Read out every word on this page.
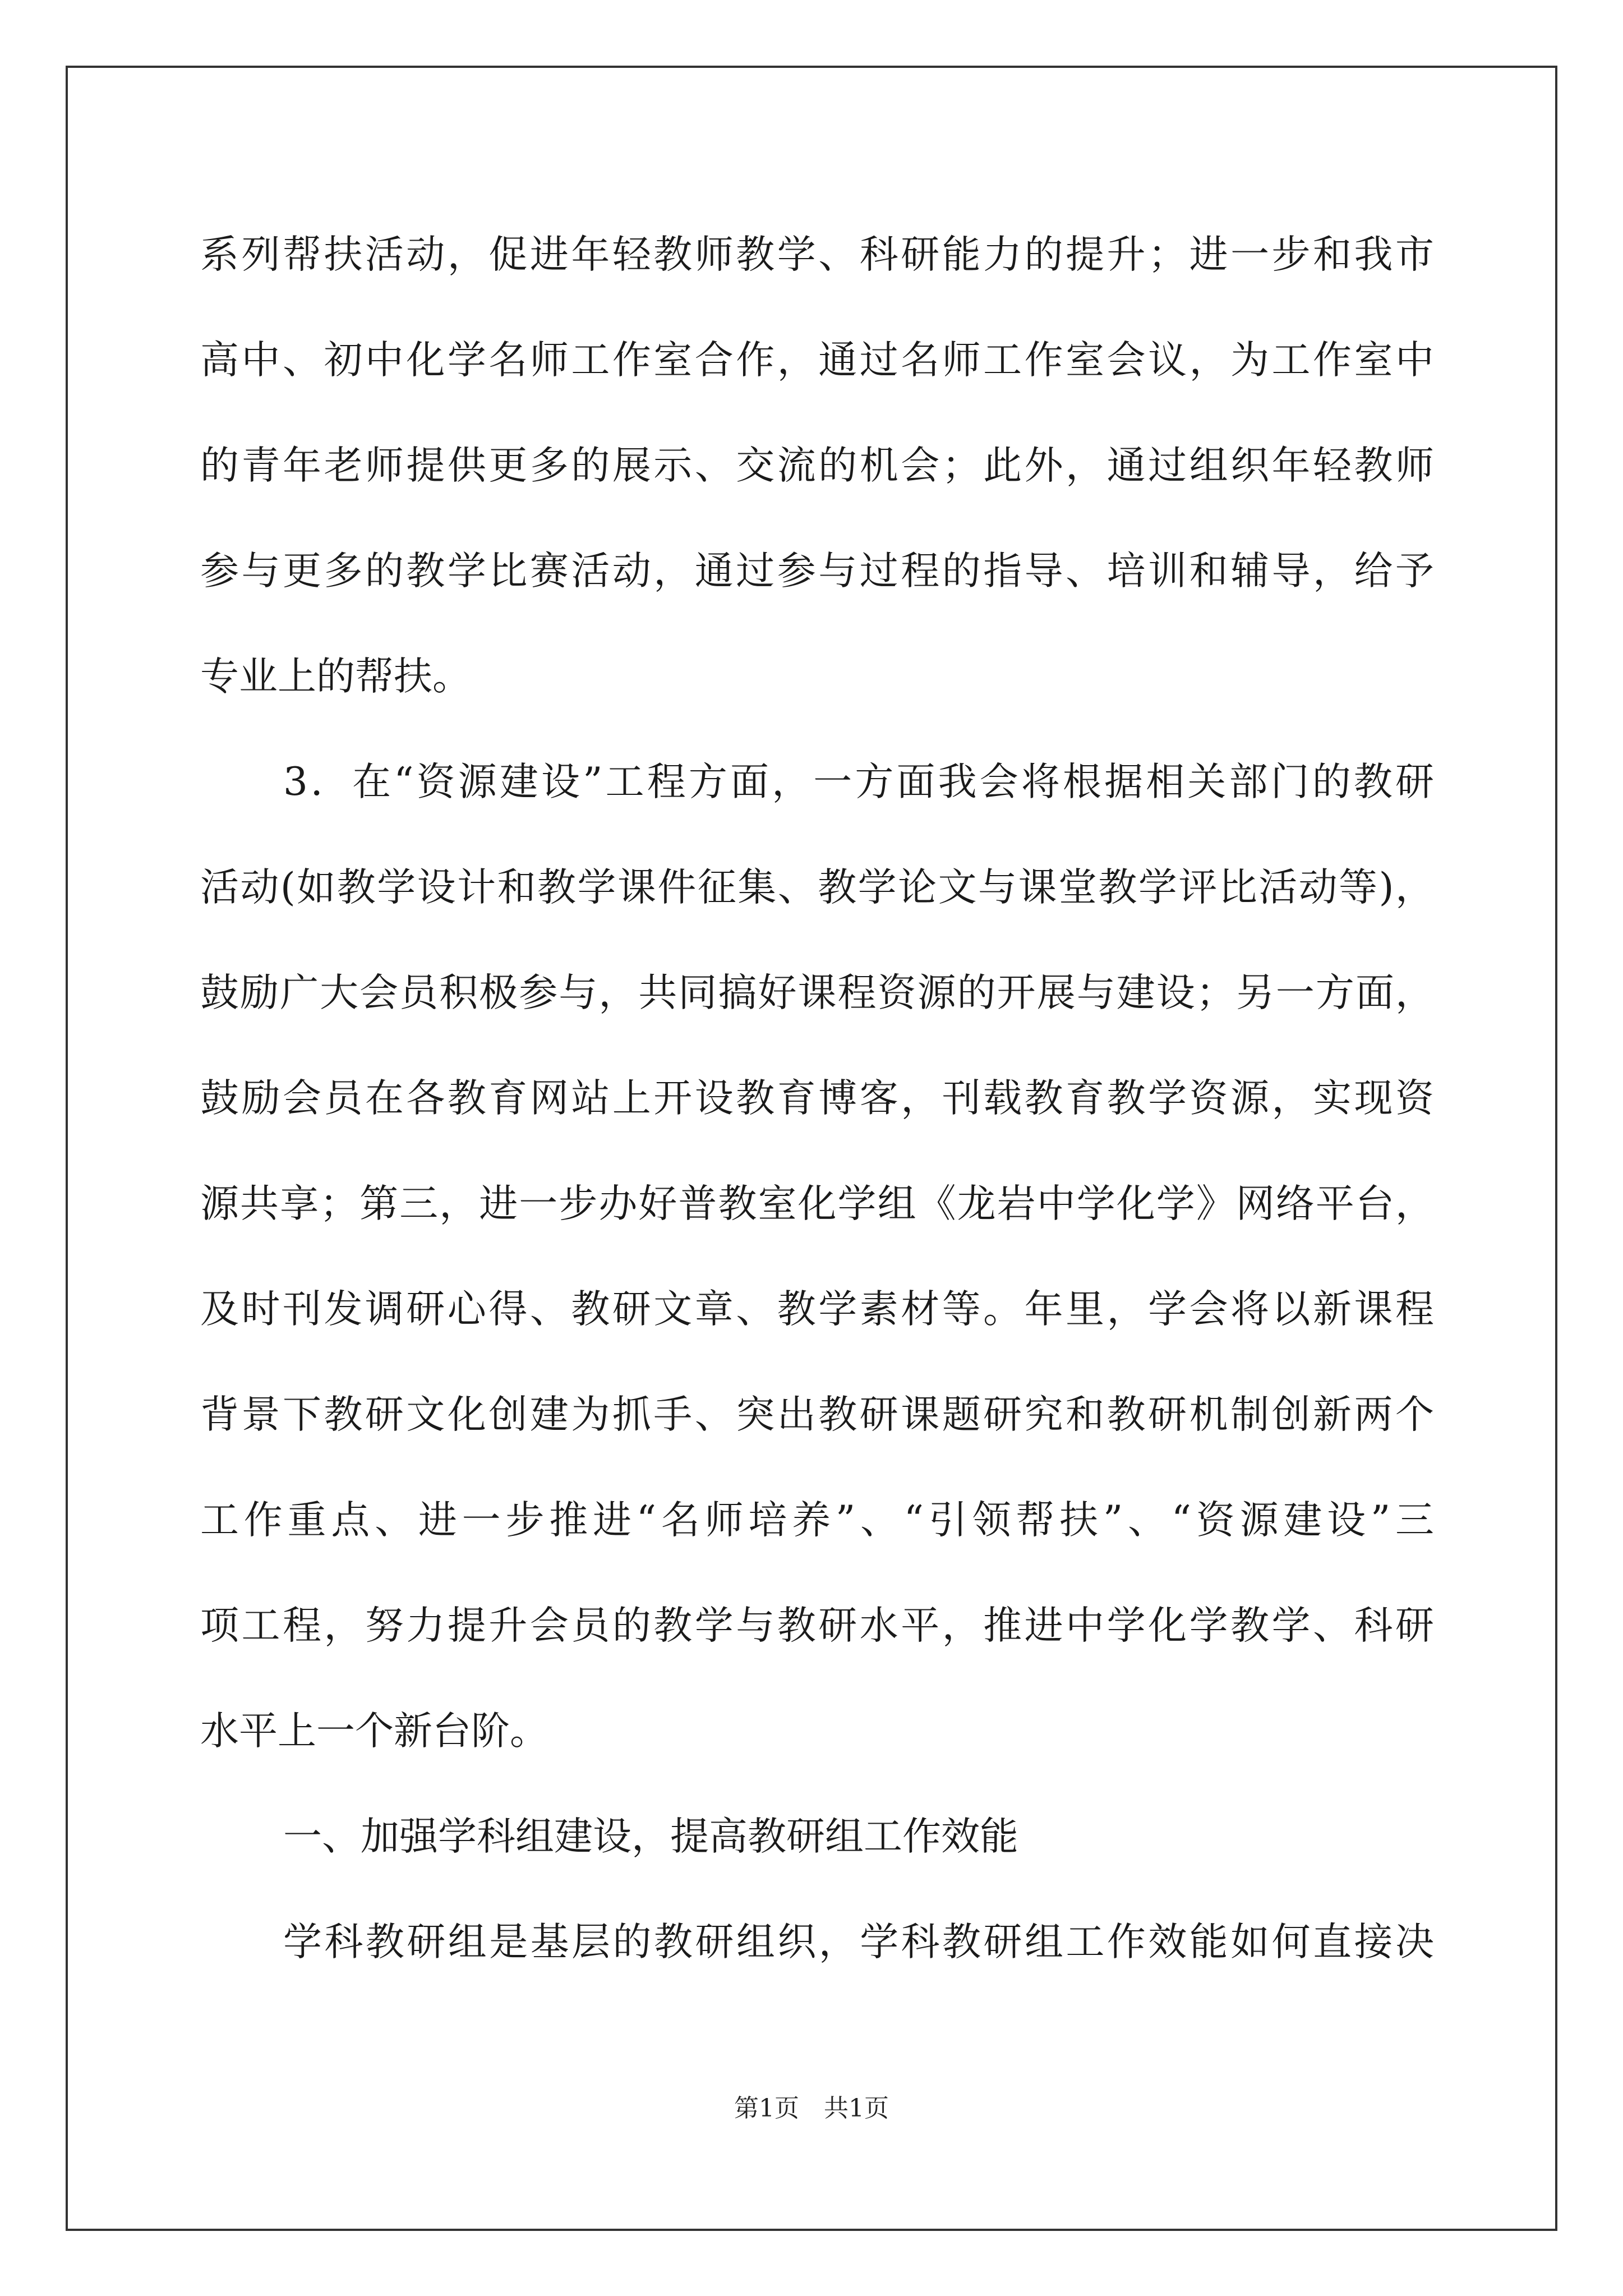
系列帮扶活动，促进年轻教师教学、科研能力的提升；进一步和我市
高中、初中化学名师工作室合作，通过名师工作室会议，为工作室中
的青年老师提供更多的展示、交流的机会；此外，通过组织年轻教师
参与更多的教学比赛活动，通过参与过程的指导、培训和辅导，给予
专业上的帮扶。
3．在“资源建设”工程方面，一方面我会将根据相关部门的教研
活动(如教学设计和教学课件征集、教学论文与课堂教学评比活动等)，
鼓励广大会员积极参与，共同搞好课程资源的开展与建设；另一方面，
鼓励会员在各教育网站上开设教育博客，刊载教育教学资源，实现资
源共享；第三，进一步办好普教室化学组《龙岩中学化学》网络平台，
及时刊发调研心得、教研文章、教学素材等。年里，学会将以新课程
背景下教研文化创建为抓手、突出教研课题研究和教研机制创新两个
工作重点、进一步推进“名师培养”、“引领帮扶”、“资源建设”三
项工程，努力提升会员的教学与教研水平，推进中学化学教学、科研
水平上一个新台阶。
一、加强学科组建设，提高教研组工作效能
学科教研组是基层的教研组织，学科教研组工作效能如何直接决
第1页　共1页
